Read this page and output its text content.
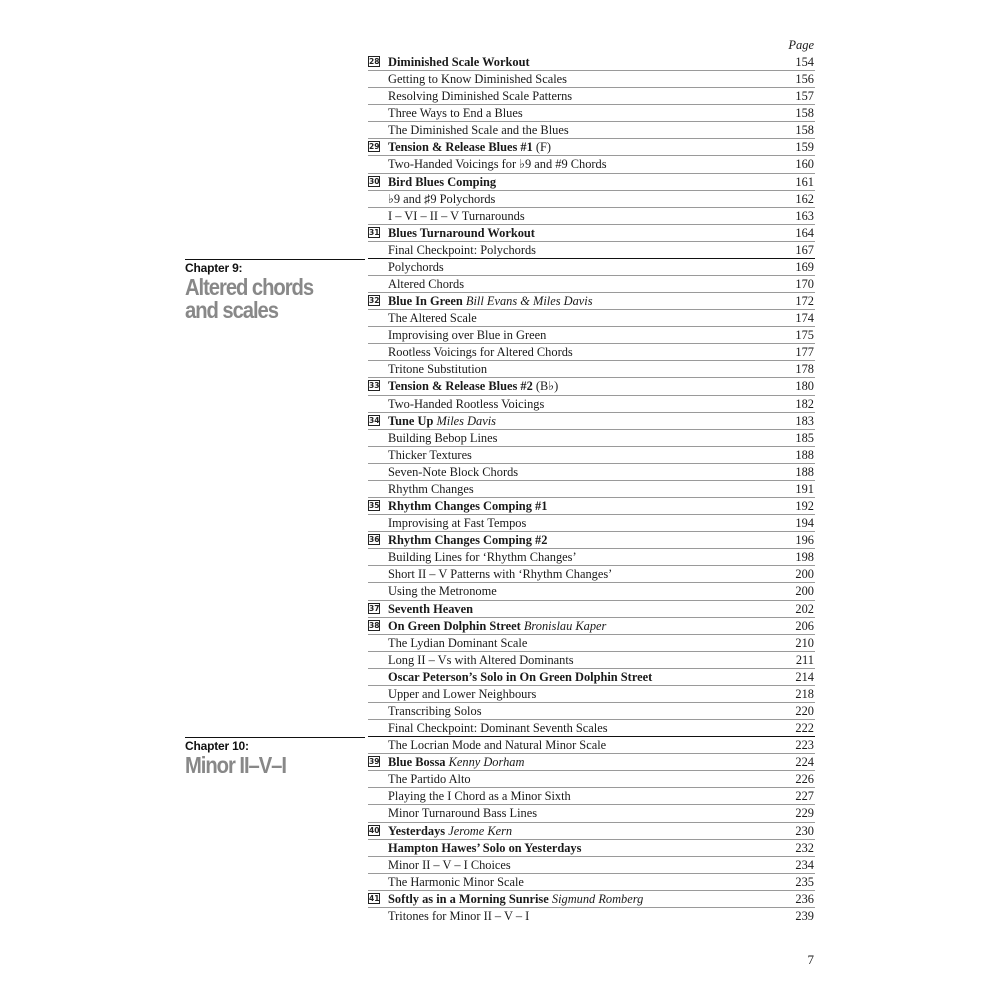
Page
Chapter 9:
Altered chords
and scales
Chapter 10:
Minor II–V–I
28 Diminished Scale Workout	154
Getting to Know Diminished Scales	156
Resolving Diminished Scale Patterns	157
Three Ways to End a Blues	158
The Diminished Scale and the Blues	158
29 Tension & Release Blues #1 (F)	159
Two-Handed Voicings for ♭9 and #9 Chords	160
30 Bird Blues Comping	161
♭9 and ♯9 Polychords	162
I – VI – II – V Turnarounds	163
31 Blues Turnaround Workout	164
Final Checkpoint: Polychords	167
Polychords	169
Altered Chords	170
32 Blue In Green Bill Evans & Miles Davis	172
The Altered Scale	174
Improvising over Blue in Green	175
Rootless Voicings for Altered Chords	177
Tritone Substitution	178
33 Tension & Release Blues #2 (B♭)	180
Two-Handed Rootless Voicings	182
34 Tune Up Miles Davis	183
Building Bebop Lines	185
Thicker Textures	188
Seven-Note Block Chords	188
Rhythm Changes	191
35 Rhythm Changes Comping #1	192
Improvising at Fast Tempos	194
36 Rhythm Changes Comping #2	196
Building Lines for ‘Rhythm Changes’	198
Short II – V Patterns with ‘Rhythm Changes’	200
Using the Metronome	200
37 Seventh Heaven	202
38 On Green Dolphin Street Bronislau Kaper	206
The Lydian Dominant Scale	210
Long II – Vs with Altered Dominants	211
Oscar Peterson’s Solo in On Green Dolphin Street	214
Upper and Lower Neighbours	218
Transcribing Solos	220
Final Checkpoint: Dominant Seventh Scales	222
The Locrian Mode and Natural Minor Scale	223
39 Blue Bossa Kenny Dorham	224
The Partido Alto	226
Playing the I Chord as a Minor Sixth	227
Minor Turnaround Bass Lines	229
40 Yesterdays Jerome Kern	230
Hampton Hawes’ Solo on Yesterdays	232
Minor II – V – I Choices	234
The Harmonic Minor Scale	235
41 Softly as in a Morning Sunrise Sigmund Romberg	236
Tritones for Minor II – V – I	239
7
